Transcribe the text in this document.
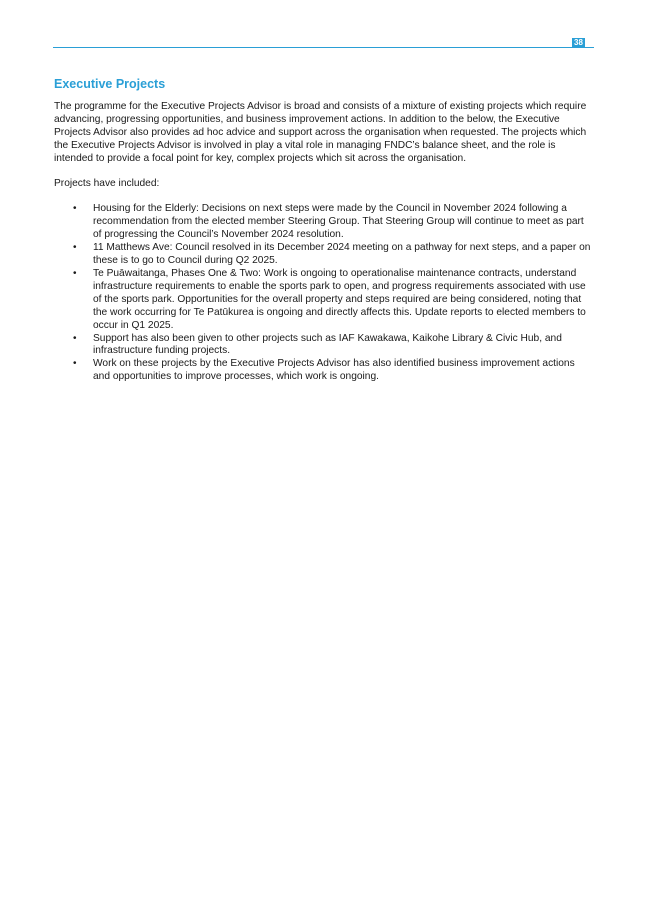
38
Executive Projects

The programme for the Executive Projects Advisor is broad and consists of a mixture of existing projects which require advancing, progressing opportunities, and business improvement actions. In addition to the below, the Executive Projects Advisor also provides ad hoc advice and support across the organisation when requested. The projects which the Executive Projects Advisor is involved in play a vital role in managing FNDC’s balance sheet, and the role is intended to provide a focal point for key, complex projects which sit across the organisation.

Projects have included:

• Housing for the Elderly: Decisions on next steps were made by the Council in November 2024 following a recommendation from the elected member Steering Group. That Steering Group will continue to meet as part of progressing the Council’s November 2024 resolution.
• 11 Matthews Ave: Council resolved in its December 2024 meeting on a pathway for next steps, and a paper on these is to go to Council during Q2 2025.
• Te Puāwaitanga, Phases One & Two: Work is ongoing to operationalise maintenance contracts, understand infrastructure requirements to enable the sports park to open, and progress requirements associated with use of the sports park. Opportunities for the overall property and steps required are being considered, noting that the work occurring for Te Patūkurea is ongoing and directly affects this. Update reports to elected members to occur in Q1 2025.
• Support has also been given to other projects such as IAF Kawakawa, Kaikohe Library & Civic Hub, and infrastructure funding projects.
• Work on these projects by the Executive Projects Advisor has also identified business improvement actions and opportunities to improve processes, which work is ongoing.
